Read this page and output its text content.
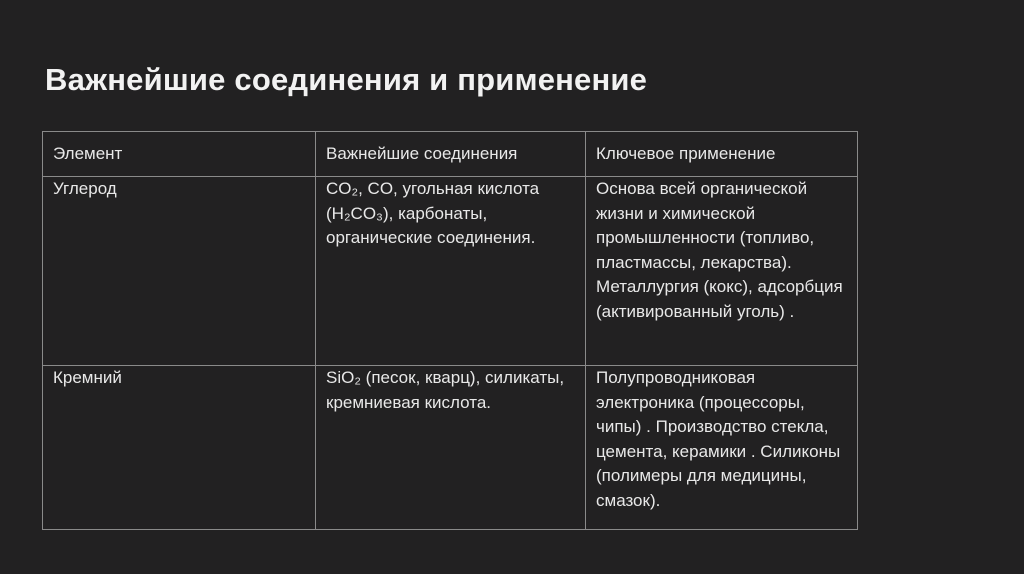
Важнейшие соединения и применение
Элемент	Важнейшие соединения	Ключевое применение
Углерод	CO₂, CO, угольная кислота (H₂CO₃), карбонаты, органические соединения.	Основа всей органической жизни и химической промышленности (топливо, пластмассы, лекарства). Металлургия (кокс), адсорбция (активированный уголь) .
Кремний	SiO₂ (песок, кварц), силикаты, кремниевая кислота.	Полупроводниковая электроника (процессоры, чипы) . Производство стекла, цемента, керамики . Силиконы (полимеры для медицины, смазок).
